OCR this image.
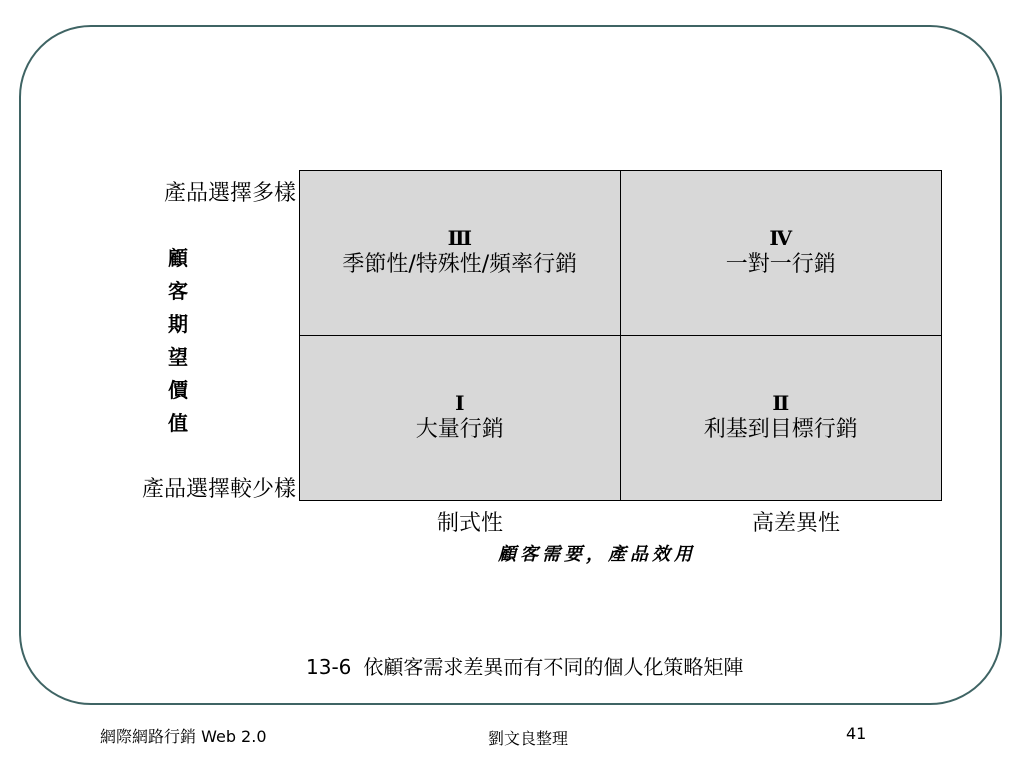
產品選擇多樣
產品選擇較少樣
顧
客
期
望
價
值
Ⅲ
季節性/特殊性/頻率行銷
Ⅳ
一對一行銷
Ⅰ
大量行銷
Ⅱ
利基到目標行銷
制式性	高差異性
顧客需要，產品效用
13-6 依顧客需求差異而有不同的個人化策略矩陣
網際網路行銷 Web 2.0	劉文良整理	41
